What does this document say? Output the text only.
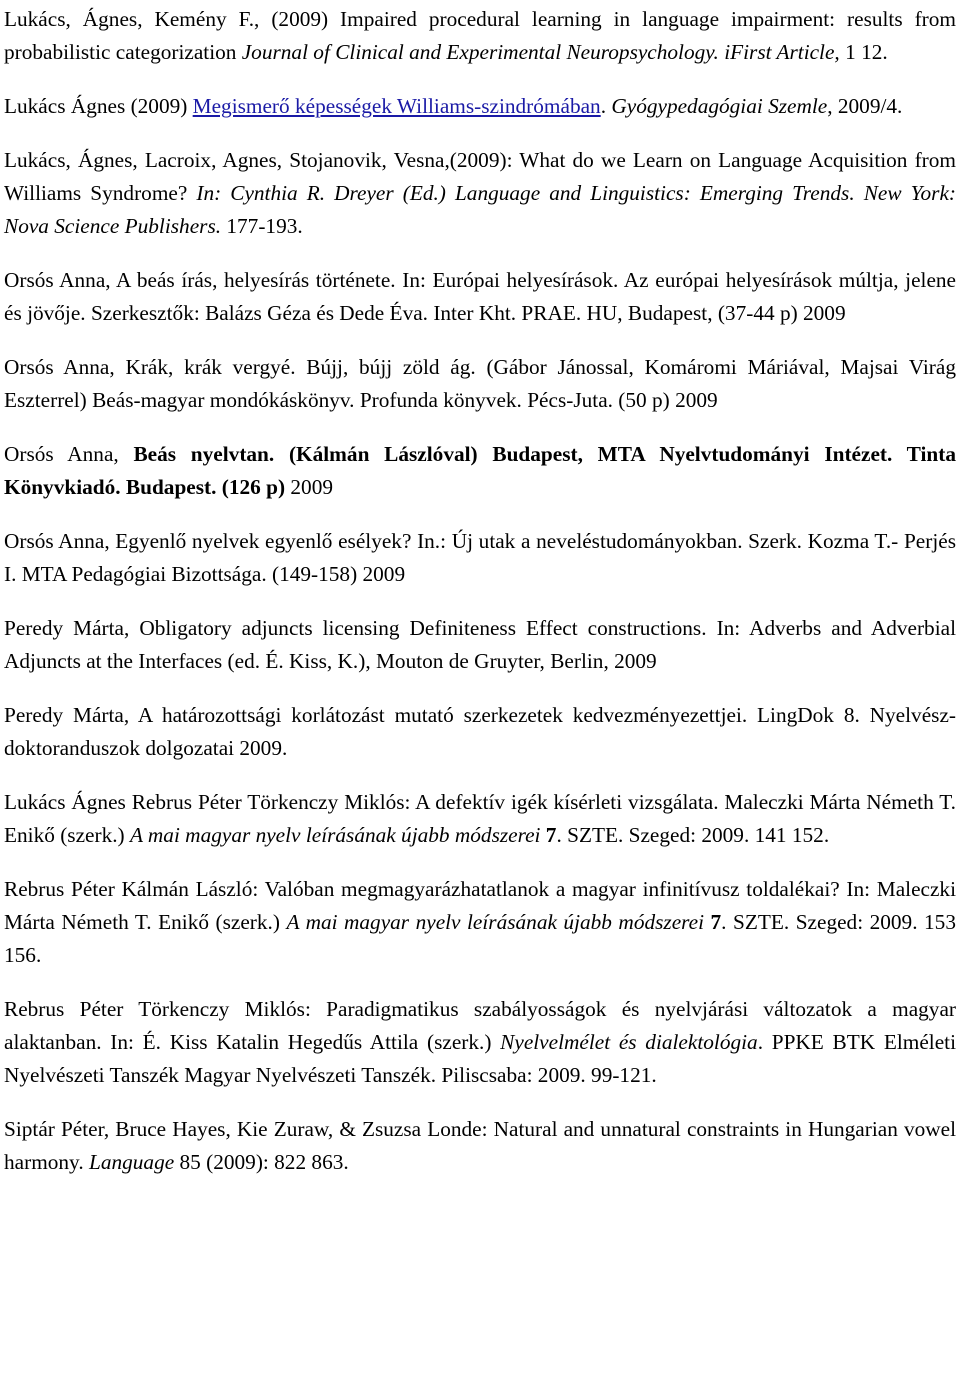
Lukács, Ágnes, Kemény F., (2009) Impaired procedural learning in language impairment: results from probabilistic categorization Journal of Clinical and Experimental Neuropsychology. iFirst Article, 1 12.

Lukács Ágnes (2009) Megismerő képességek Williams-szindrómában. Gyógypedagógiai Szemle, 2009/4.

Lukács, Ágnes, Lacroix, Agnes, Stojanovik, Vesna,(2009): What do we Learn on Language Acquisition from Williams Syndrome? In: Cynthia R. Dreyer (Ed.) Language and Linguistics: Emerging Trends. New York: Nova Science Publishers. 177-193.

Orsós Anna, A beás írás, helyesírás története. In: Európai helyesírások. Az európai helyesírások múltja, jelene és jövője. Szerkesztők: Balázs Géza és Dede Éva. Inter Kht. PRAE. HU, Budapest, (37-44 p) 2009

Orsós Anna, Krák, krák vergyé. Bújj, bújj zöld ág. (Gábor Jánossal, Komáromi Máriával, Majsai Virág Eszterrel) Beás-magyar mondókáskönyv. Profunda könyvek. Pécs-Juta. (50 p) 2009

Orsós Anna, Beás nyelvtan. (Kálmán Lászlóval) Budapest, MTA Nyelvtudományi Intézet. Tinta Könyvkiadó. Budapest. (126 p) 2009

Orsós Anna, Egyenlő nyelvek egyenlő esélyek? In.: Új utak a neveléstudományokban. Szerk. Kozma T.- Perjés I. MTA Pedagógiai Bizottsága. (149-158) 2009

Peredy Márta, Obligatory adjuncts licensing Definiteness Effect constructions. In: Adverbs and Adverbial Adjuncts at the Interfaces (ed. É. Kiss, K.), Mouton de Gruyter, Berlin, 2009

Peredy Márta, A határozottsági korlátozást mutató szerkezetek kedvezményezettjei. LingDok 8. Nyelvész-doktoranduszok dolgozatai 2009.

Lukács Ágnes Rebrus Péter Törkenczy Miklós: A defektív igék kísérleti vizsgálata. Maleczki Márta Németh T. Enikő (szerk.) A mai magyar nyelv leírásának újabb módszerei 7. SZTE. Szeged: 2009. 141 152.

Rebrus Péter Kálmán László: Valóban megmagyarázhatatlanok a magyar infinitívusz toldalékai? In: Maleczki Márta Németh T. Enikő (szerk.) A mai magyar nyelv leírásának újabb módszerei 7. SZTE. Szeged: 2009. 153 156.

Rebrus Péter Törkenczy Miklós: Paradigmatikus szabályosságok és nyelvjárási változatok a magyar alaktanban. In: É. Kiss Katalin Hegedűs Attila (szerk.) Nyelvelmélet és dialektológia. PPKE BTK Elméleti Nyelvészeti Tanszék Magyar Nyelvészeti Tanszék. Piliscsaba: 2009. 99-121.

Siptár Péter, Bruce Hayes, Kie Zuraw, & Zsuzsa Londe: Natural and unnatural constraints in Hungarian vowel harmony. Language 85 (2009): 822 863.
